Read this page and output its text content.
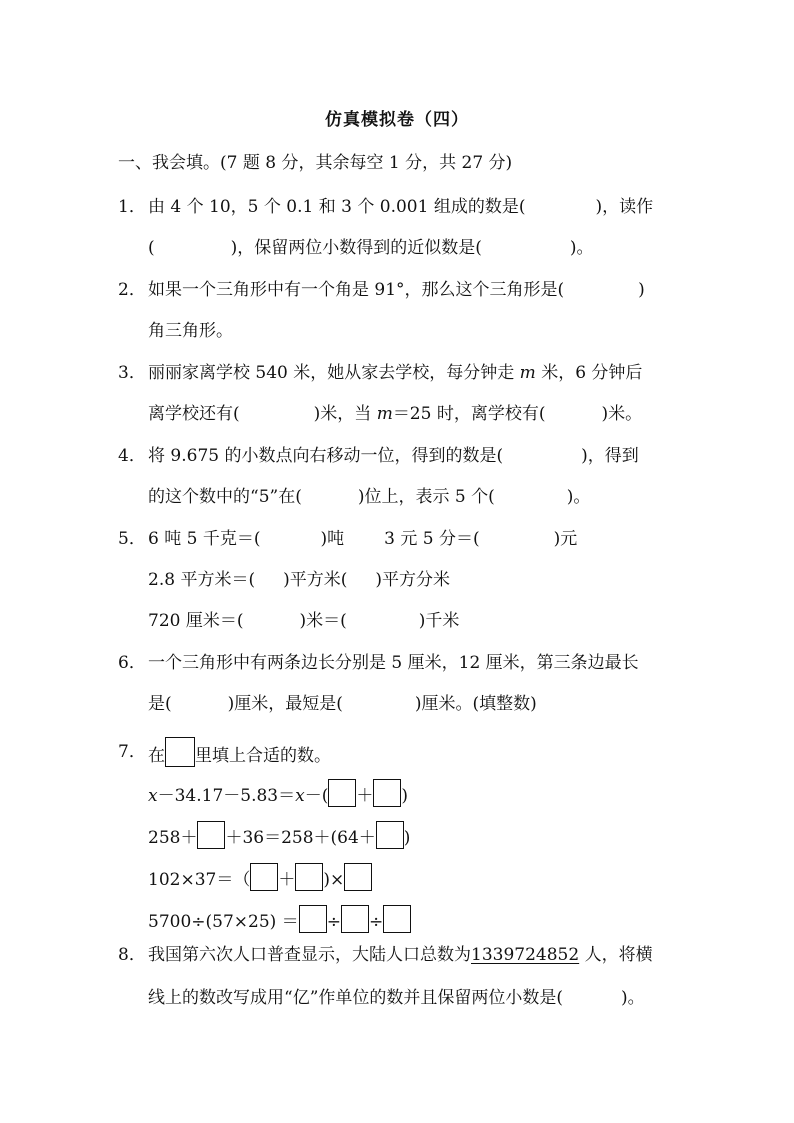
仿真模拟卷（四）
一、我会填。(7 题 8 分，其余每空 1 分，共 27 分)
1． 由 4 个 10，5 个 0.1 和 3 个 0.001 组成的数是(	)，读作
(	)，保留两位小数得到的近似数是(	)。
2． 如果一个三角形中有一个角是 91°，那么这个三角形是(	)
角三角形。
3． 丽丽家离学校 540 米，她从家去学校，每分钟走 m 米，6 分钟后
离学校还有(	)米，当 m＝25 时，离学校有(	)米。
4． 将 9.675 的小数点向右移动一位，得到的数是(	)，得到
的这个数中的“5”在(	)位上，表示 5 个(	)。
5． 6 吨 5 千克＝(	)吨 3 元 5 分＝(	)元
2.8 平方米＝( )平方米( )平方分米
720 厘米＝(	)米＝(	)千米
6． 一个三角形中有两条边长分别是 5 厘米，12 厘米，第三条边最长
是(	)厘米，最短是(	)厘米。(填整数)
7． 在 里填上合适的数。
x－34.17－5.83＝x－( ＋ )
258＋ ＋36＝258＋(64＋ )
102×37＝（ ＋ )×
5700÷(57×25) ＝ ÷ ÷
8． 我国第六次人口普查显示，大陆人口总数为1339724852 人，将横
线上的数改写成用“亿”作单位的数并且保留两位小数是(	)。
